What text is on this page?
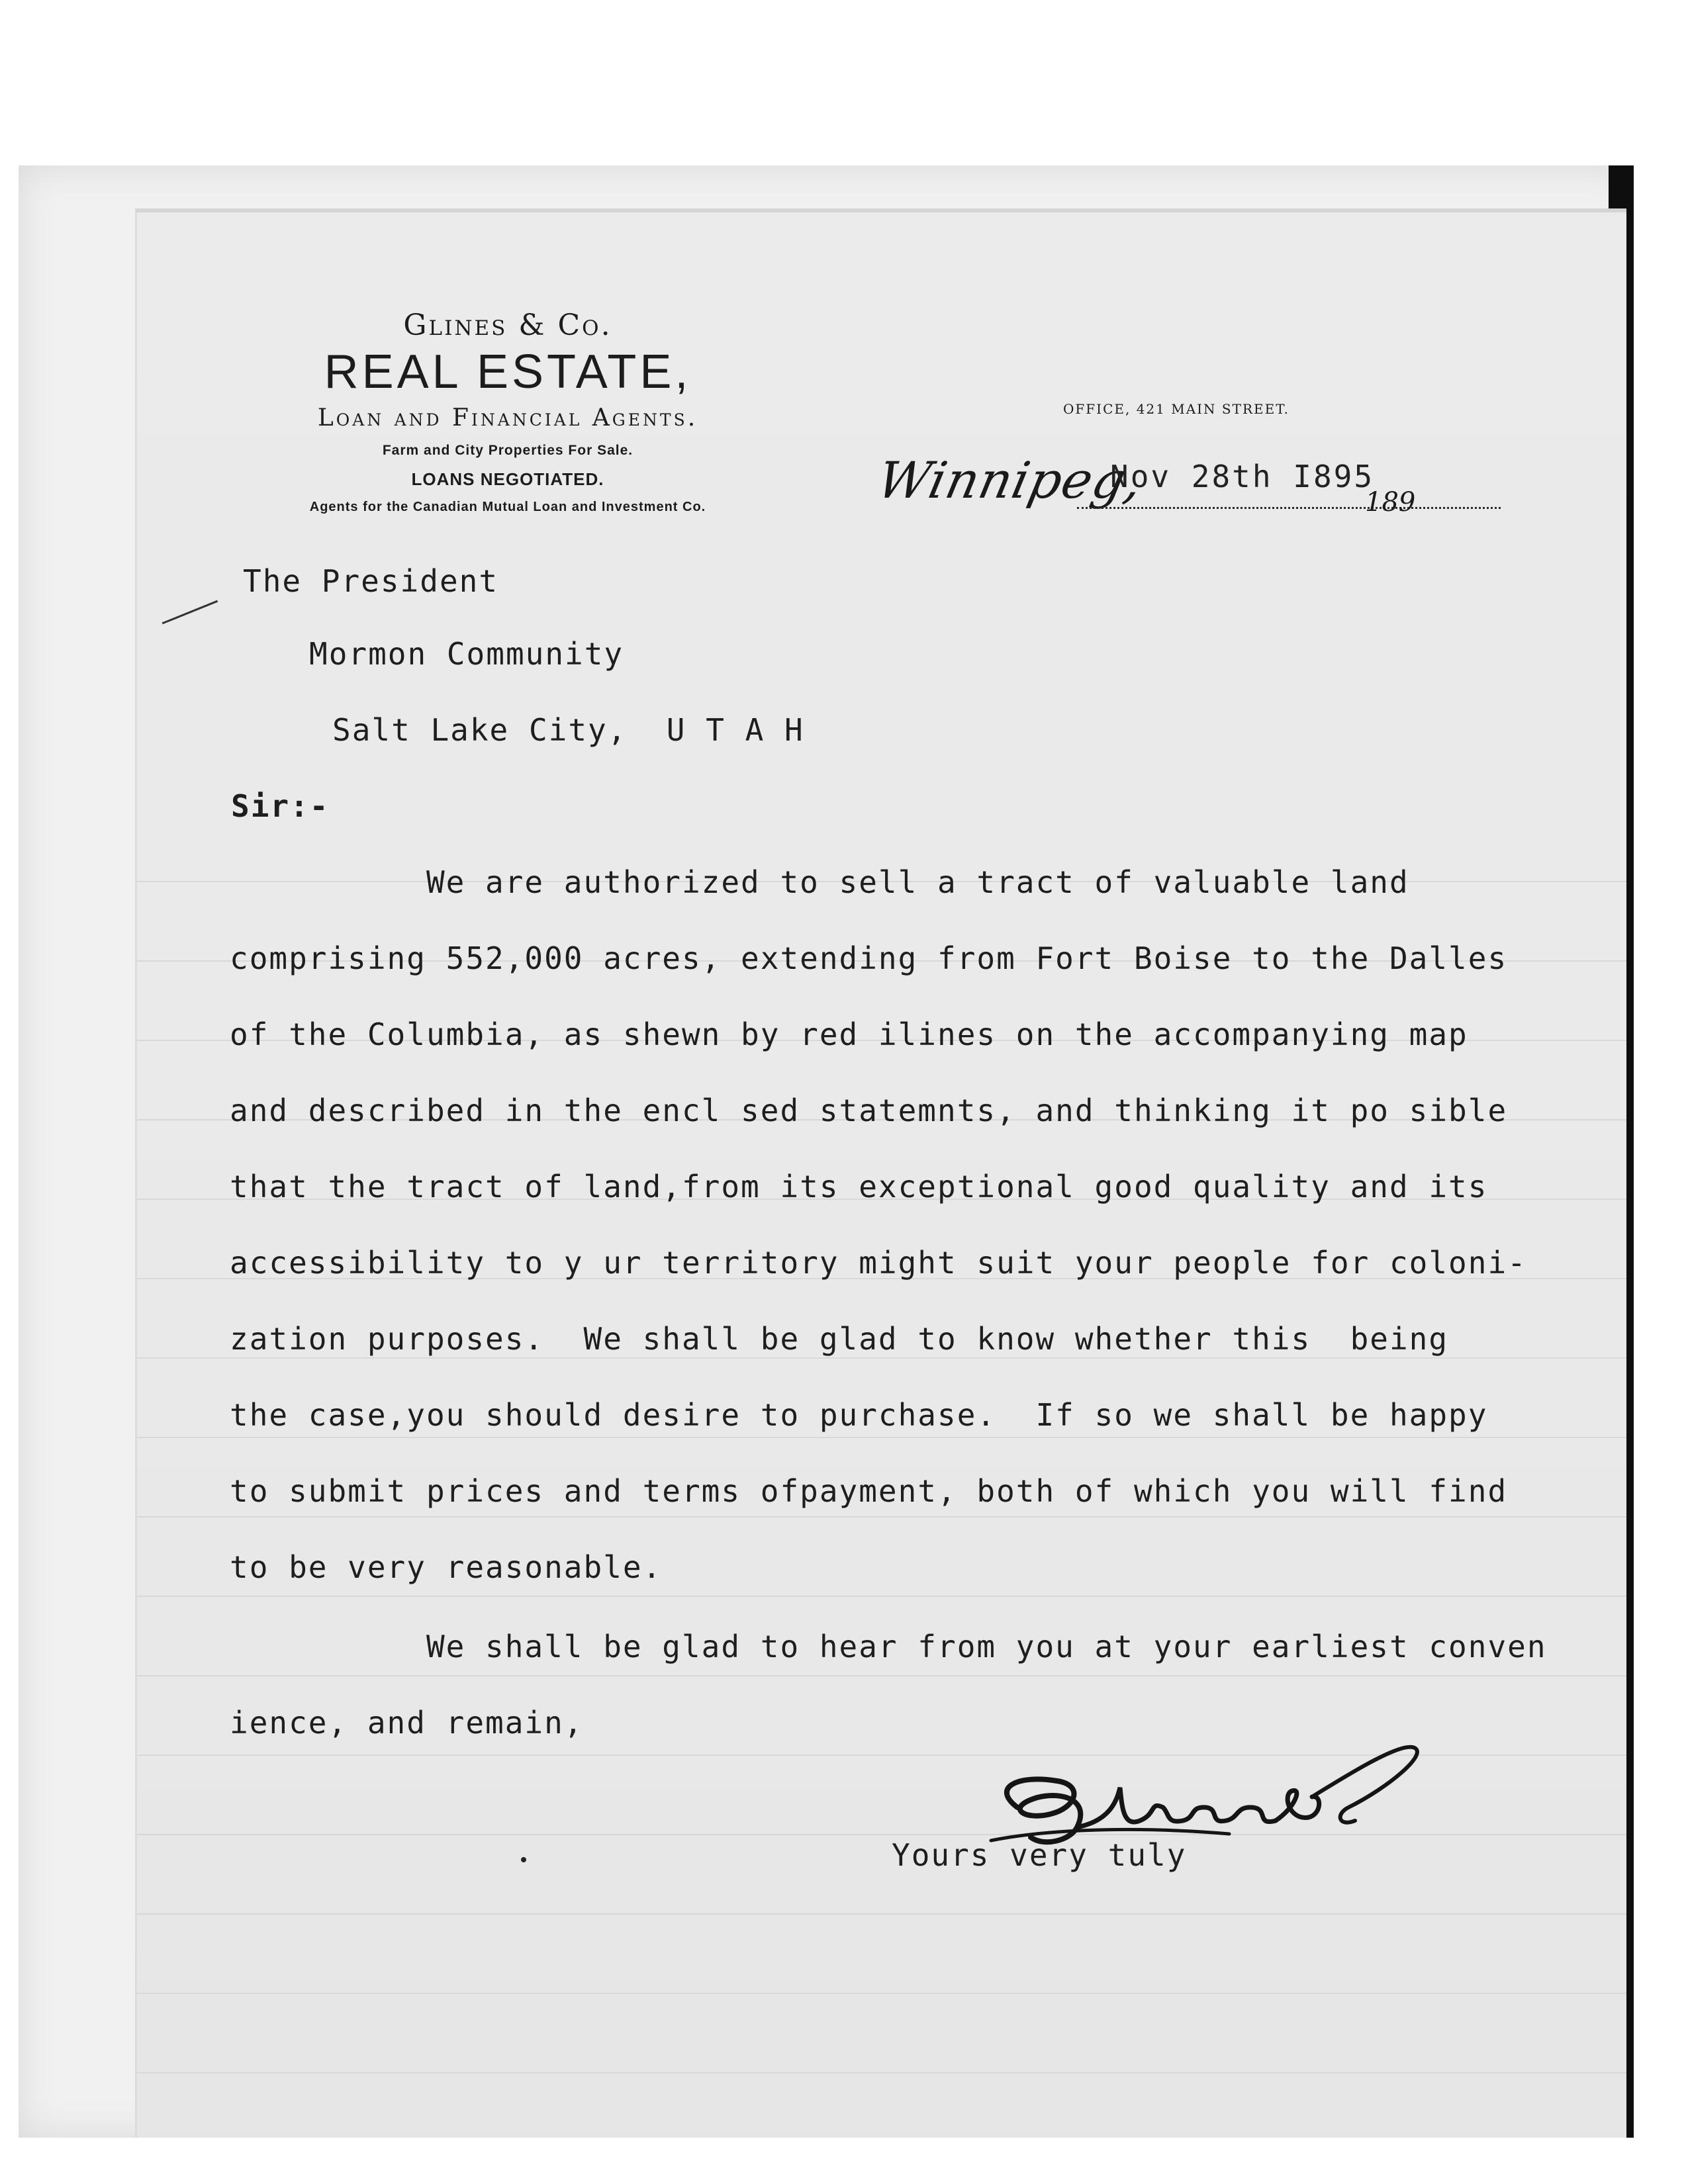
Glines & Co.
REAL ESTATE,
Loan and Financial Agents.
Farm and City Properties For Sale.
LOANS NEGOTIATED.
Agents for the Canadian Mutual Loan and Investment Co.
OFFICE, 421 MAIN STREET.
Winnipeg,
Nov 28th I895
189
The President
Mormon Community
Salt Lake City,  U T A H
Sir:-
We are authorized to sell a tract of valuable land
comprising 552,000 acres, extending from Fort Boise to the Dalles
of the Columbia, as shewn by red ilines on the accompanying map
and described in the encl sed statemnts, and thinking it po sible
that the tract of land,from its exceptional good quality and its
accessibility to y ur territory might suit your people for coloni-
zation purposes.  We shall be glad to know whether this  being
the case,you should desire to purchase.  If so we shall be happy
to submit prices and terms ofpayment, both of which you will find
to be very reasonable.
We shall be glad to hear from you at your earliest conven
ience, and remain,
Yours very tuly
